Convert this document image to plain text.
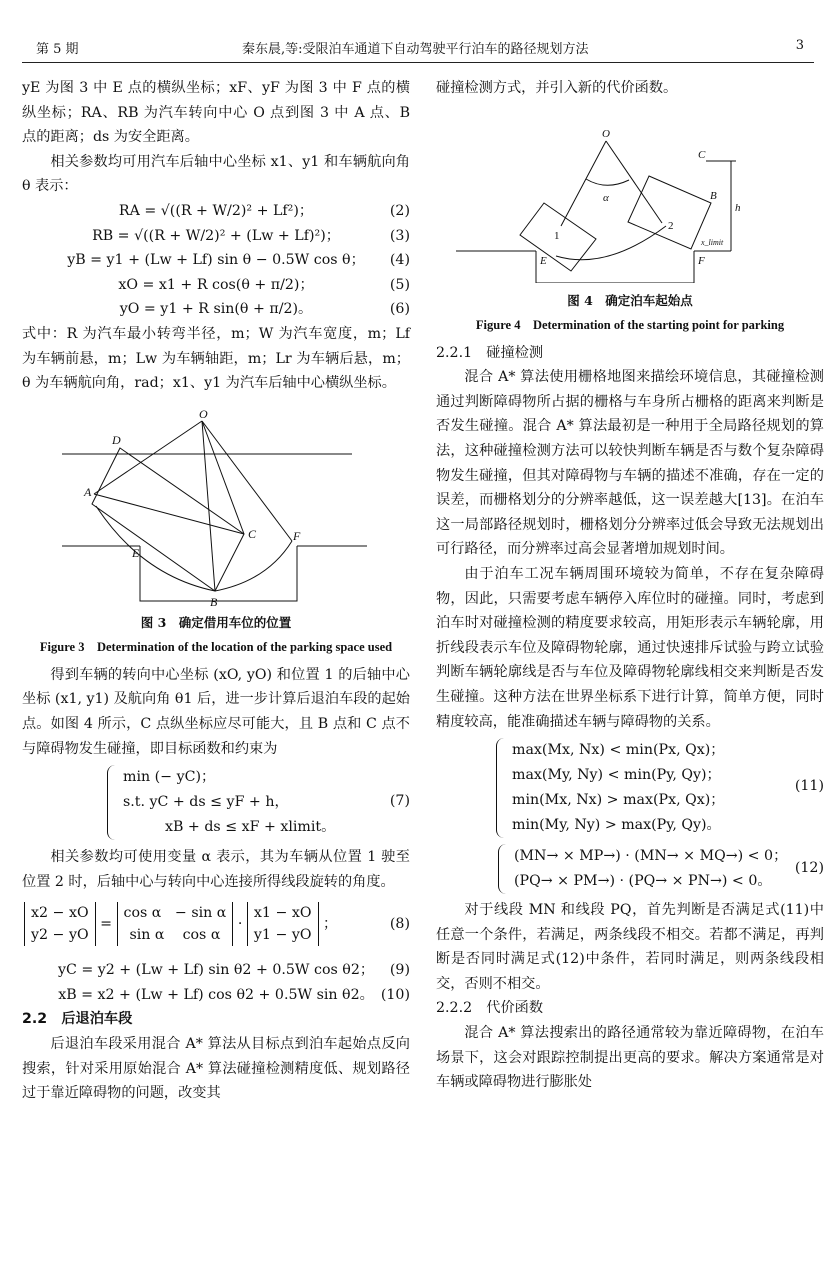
第 5 期	秦东晨,等:受限泊车通道下自动驾驶平行泊车的路径规划方法	3

yE 为图 3 中 E 点的横纵坐标；xF、yF 为图 3 中 F 点的横纵坐标；RA、RB 为汽车转向中心 O 点到图 3 中 A 点、B 点的距离；ds 为安全距离。

相关参数均可用汽车后轴中心坐标 x1、y1 和车辆航向角 θ 表示：

RA = √((R + W/2)² + Lf²)；	(2)
RB = √((R + W/2)² + (Lw + Lf)²)；	(3)
yB = y1 + (Lw + Lf) sin θ − 0.5W cos θ；	(4)
xO = x1 + R cos(θ + π/2)；	(5)
yO = y1 + R sin(θ + π/2)。	(6)

式中：R 为汽车最小转弯半径，m；W 为汽车宽度，m；Lf 为车辆前悬，m；Lw 为车辆轴距，m；Lr 为车辆后悬，m；θ 为车辆航向角，rad；x1、y1 为汽车后轴中心横纵坐标。

O
D
A
C
E
F
B
图 3　确定借用车位的位置
Figure 3　Determination of the location of the parking space used

得到车辆的转向中心坐标 (xO, yO) 和位置 1 的后轴中心坐标 (x1, y1) 及航向角 θ1 后，进一步计算后退泊车段的起始点。如图 4 所示，C 点纵坐标应尽可能大，且 B 点和 C 点不与障碍物发生碰撞，即目标函数和约束为

min (− yC)；
s.t. yC + ds ≤ yF + h，
xB + ds ≤ xF + xlimit。
(7)

相关参数均可使用变量 α 表示，其为车辆从位置 1 驶至位置 2 时，后轴中心与转向中心连接所得线段旋转的角度。

x2 − xO
y2 − yO
=
cos α − sin α
sin α cos α
·
x1 − xO
y1 − yO
；	(8)
yC = y2 + (Lw + Lf) sin θ2 + 0.5W cos θ2；	(9)
xB = x2 + (Lw + Lf) cos θ2 + 0.5W sin θ2。 (10)

2.2　后退泊车段

后退泊车段采用混合 A* 算法从目标点到泊车起始点反向搜索，针对采用原始混合 A* 算法碰撞检测精度低、规划路径过于靠近障碍物的问题，改变其

碰撞检测方式，并引入新的代价函数。

O
C
α	B
h
1
2
E	F
x_limit
图 4　确定泊车起始点
Figure 4　Determination of the starting point for parking

2.2.1　碰撞检测

混合 A* 算法使用栅格地图来描绘环境信息，其碰撞检测通过判断障碍物所占据的栅格与车身所占栅格的距离来判断是否发生碰撞。混合 A* 算法最初是一种用于全局路径规划的算法，这种碰撞检测方法可以较快判断车辆是否与数个复杂障碍物发生碰撞，但其对障碍物与车辆的描述不准确，存在一定的误差，而栅格划分的分辨率越低，这一误差越大[13]。在泊车这一局部路径规划时，栅格划分分辨率过低会导致无法规划出可行路径，而分辨率过高会显著增加规划时间。

由于泊车工况车辆周围环境较为简单，不存在复杂障碍物，因此，只需要考虑车辆停入库位时的碰撞。同时，考虑到泊车时对碰撞检测的精度要求较高，用矩形表示车辆轮廓，用折线段表示车位及障碍物轮廓，通过快速排斥试验与跨立试验判断车辆轮廓线是否与车位及障碍物轮廓线相交来判断是否发生碰撞。这种方法在世界坐标系下进行计算，简单方便，同时精度较高，能准确描述车辆与障碍物的关系。

max(Mx, Nx) < min(Px, Qx)；
max(My, Ny) < min(Py, Qy)；
min(Mx, Nx) > max(Px, Qx)；
min(My, Ny) > max(Py, Qy)。
(11)
(MN→ × MP→) · (MN→ × MQ→) < 0；
(PQ→ × PM→) · (PQ→ × PN→) < 0。
(12)

对于线段 MN 和线段 PQ，首先判断是否满足式(11)中任意一个条件，若满足，两条线段不相交。若都不满足，再判断是否同时满足式(12)中条件，若同时满足，则两条线段相交，否则不相交。

2.2.2　代价函数

混合 A* 算法搜索出的路径通常较为靠近障碍物，在泊车场景下，这会对跟踪控制提出更高的要求。解决方案通常是对车辆或障碍物进行膨胀处
